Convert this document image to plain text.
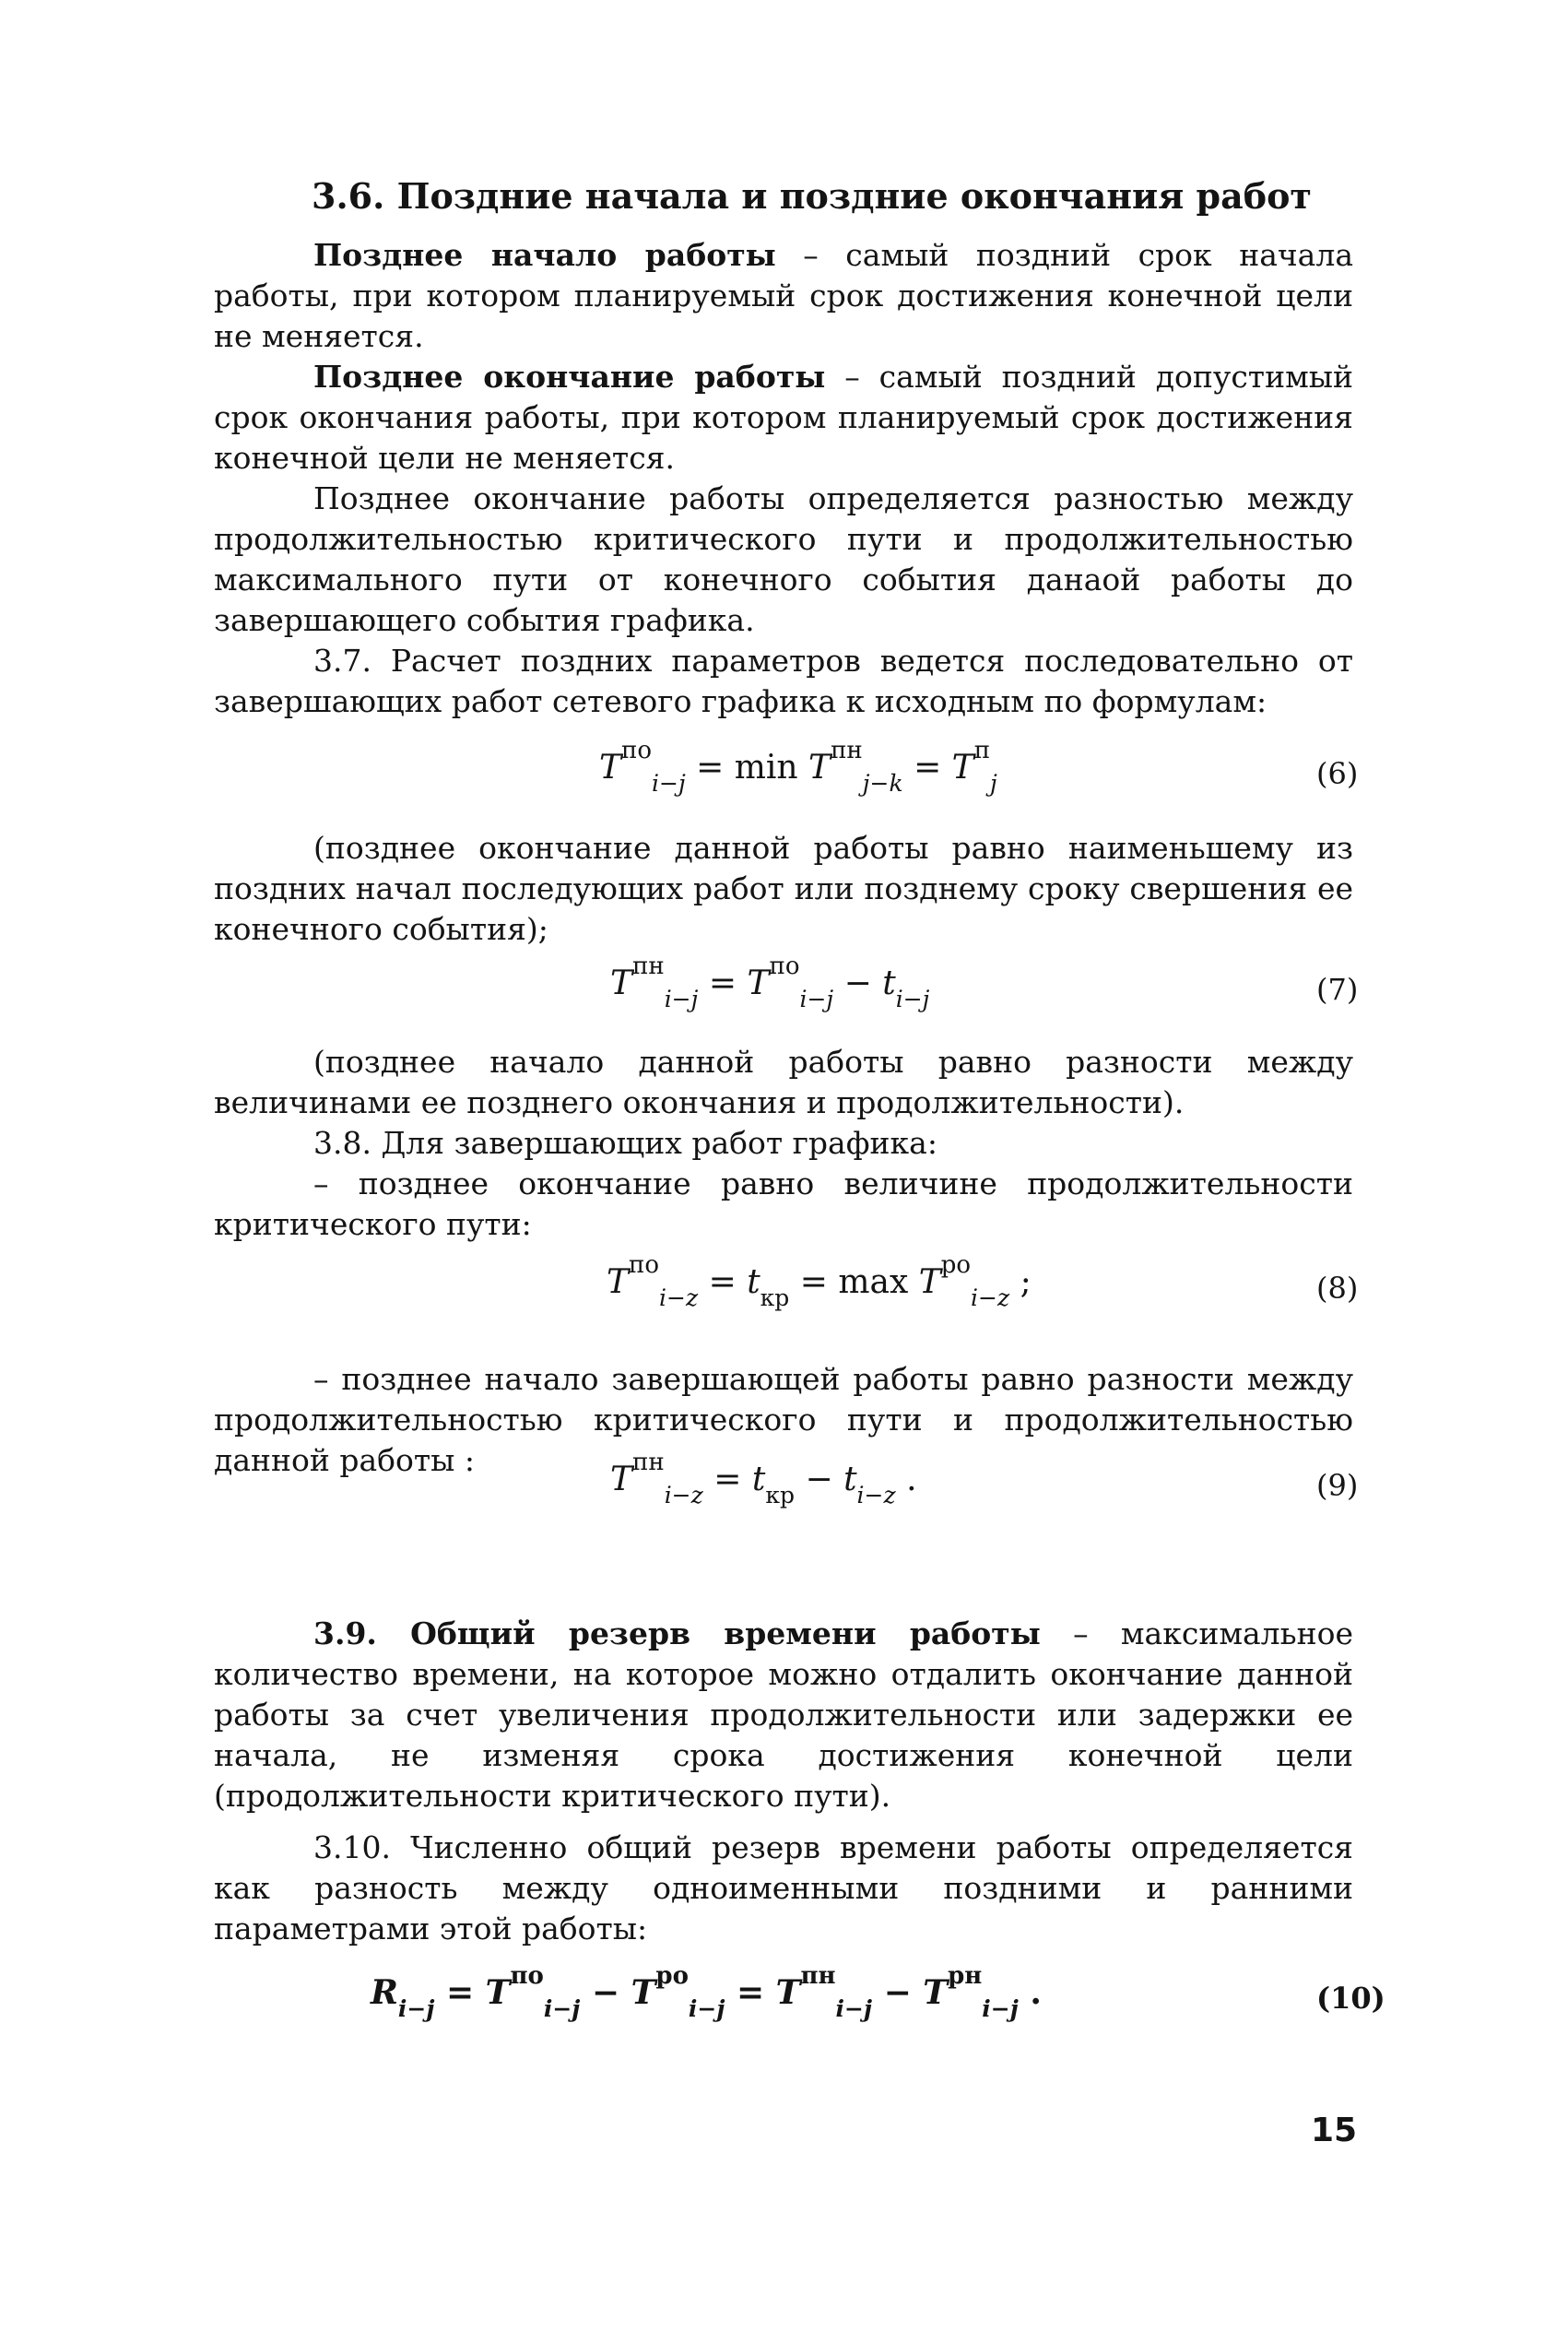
3.6. Поздние начала и поздние окончания работ

Позднее начало работы – самый поздний срок начала работы, при котором планируемый срок достижения конечной цели не меняется.

Позднее окончание работы – самый поздний допустимый срок окончания работы, при котором планируемый срок достижения конечной цели не меняется.

Позднее окончание работы определяется разностью между продолжительностью критического пути и продолжительностью максимального пути от конечного события данаой работы до завершающего события графика.

3.7. Расчет поздних параметров ведется последовательно от завершающих работ сетевого графика к исходным по формулам:

$T^{по}_{i-j} = \min T^{пн}_{j-k} = T^п_j$	(6)

(позднее окончание данной работы равно наименьшему из поздних начал последующих работ или позднему сроку свершения ее конечного события);

$T^{пн}_{i-j} = T^{по}_{i-j} - t_{i-j}$	(7)

(позднее начало данной работы равно разности между величинами ее позднего окончания и продолжительности).

3.8. Для завершающих работ графика:

– позднее окончание равно величине продолжительности критического пути:

$T^{по}_{i-z} = t_{кр} = \max T^{ро}_{i-z}$ ;	(8)

– позднее начало завершающей работы равно разности между продолжительностью критического пути и продолжительностью данной работы :

$T^{пн}_{i-z} = t_{кр} - t_{i-z}$ .	(9)

3.9. Общий резерв времени работы – максимальное количество времени, на которое можно отдалить окончание данной работы за счет увеличения продолжительности или задержки ее начала, не изменяя срока достижения конечной цели (продолжительности критического пути).

3.10. Численно общий резерв времени работы определяется как разность между одноименными поздними и ранними параметрами этой работы:

$R_{i-j} = T^{по}_{i-j} - T^{ро}_{i-j} = T^{пн}_{i-j} - T^{рн}_{i-j}$ .	(10)
15
